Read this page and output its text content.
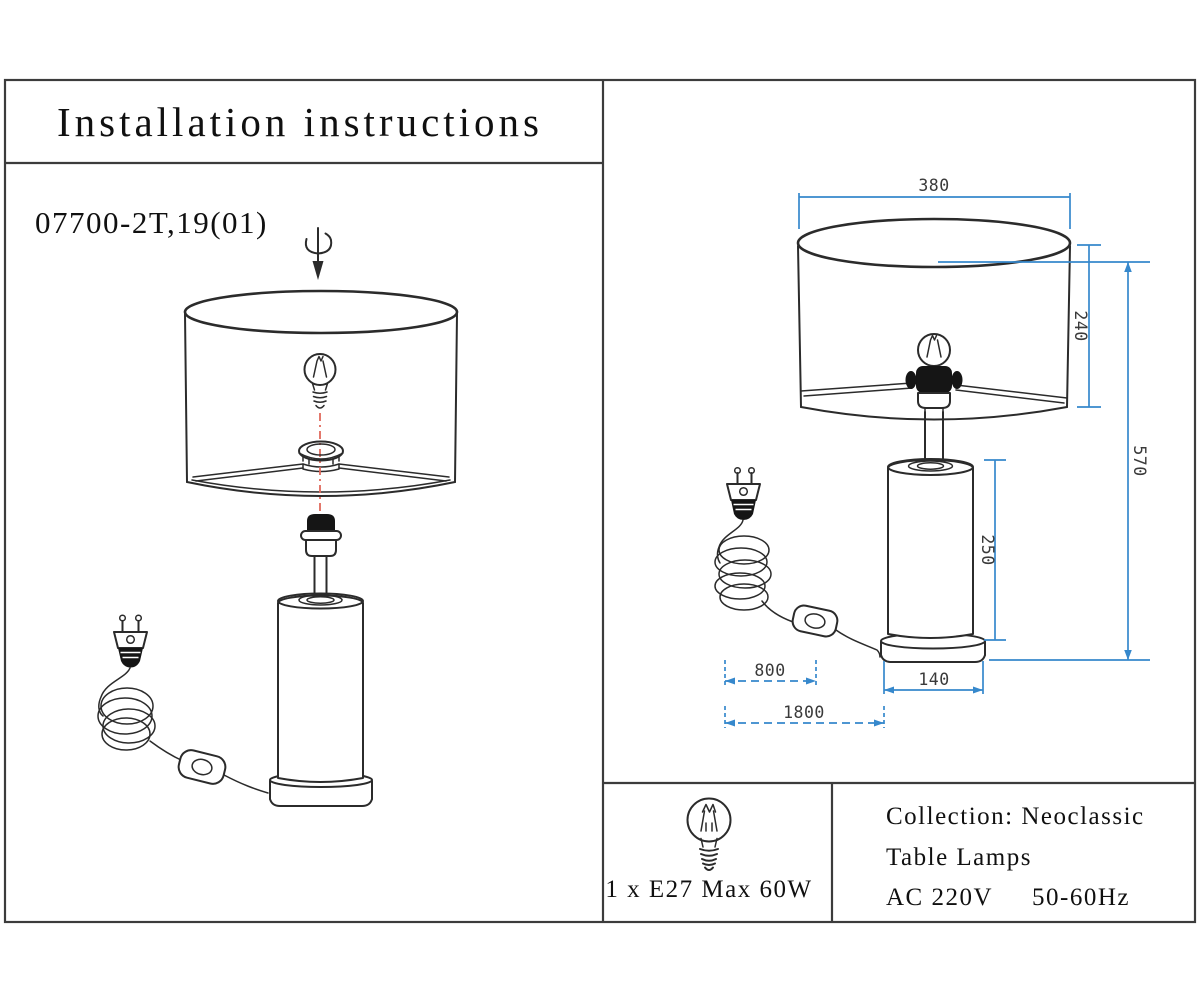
Installation instructions
07700-2T,19(01)
380
240
570
250
140
800
1800
1 x E27 Max 60W
Collection: Neoclassic
Table Lamps
AC 220V 50-60Hz
